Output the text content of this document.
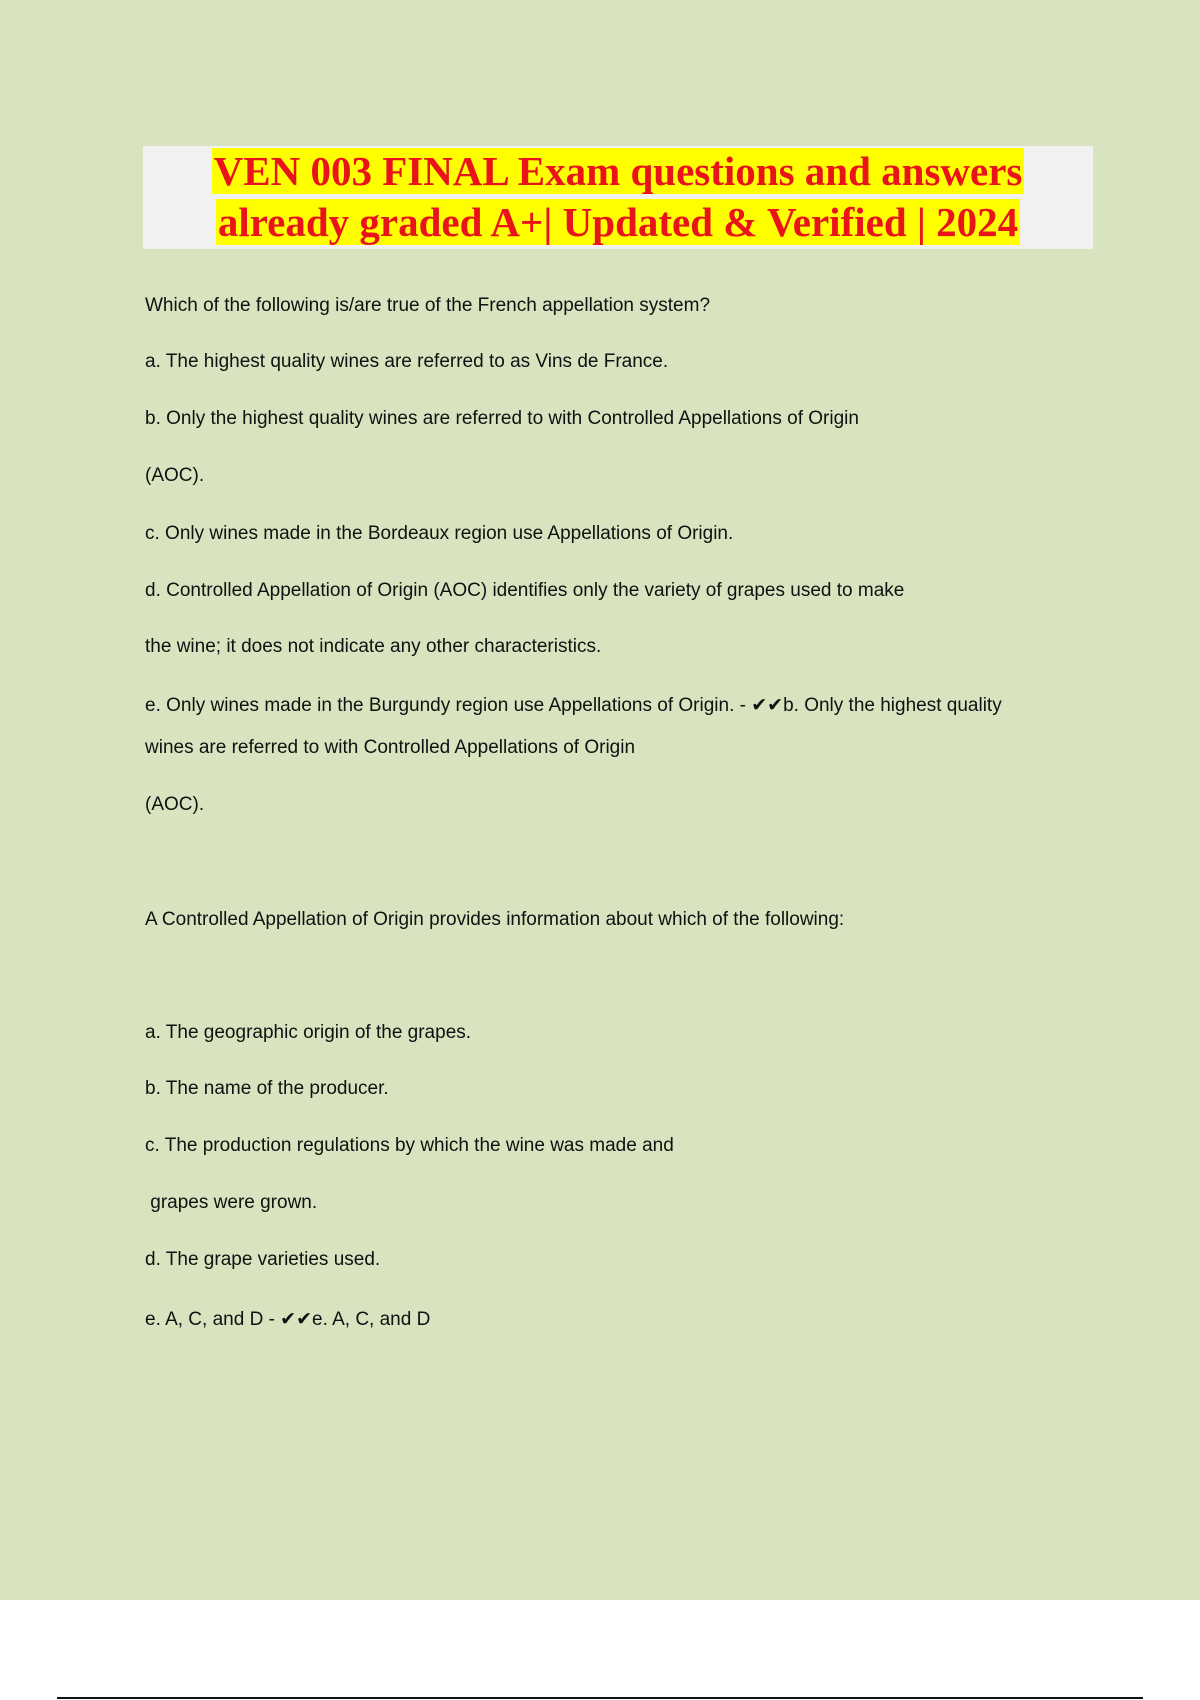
VEN 003 FINAL Exam questions and answers
already graded A+| Updated & Verified | 2024
Which of the following is/are true of the French appellation system?
a. The highest quality wines are referred to as Vins de France.
b. Only the highest quality wines are referred to with Controlled Appellations of Origin
(AOC).
c. Only wines made in the Bordeaux region use Appellations of Origin.
d. Controlled Appellation of Origin (AOC) identifies only the variety of grapes used to make
the wine; it does not indicate any other characteristics.
e. Only wines made in the Burgundy region use Appellations of Origin. - ✔✔b. Only the highest quality
wines are referred to with Controlled Appellations of Origin
(AOC).
A Controlled Appellation of Origin provides information about which of the following:
a. The geographic origin of the grapes.
b. The name of the producer.
c. The production regulations by which the wine was made and
grapes were grown.
d. The grape varieties used.
e. A, C, and D - ✔✔e. A, C, and D
